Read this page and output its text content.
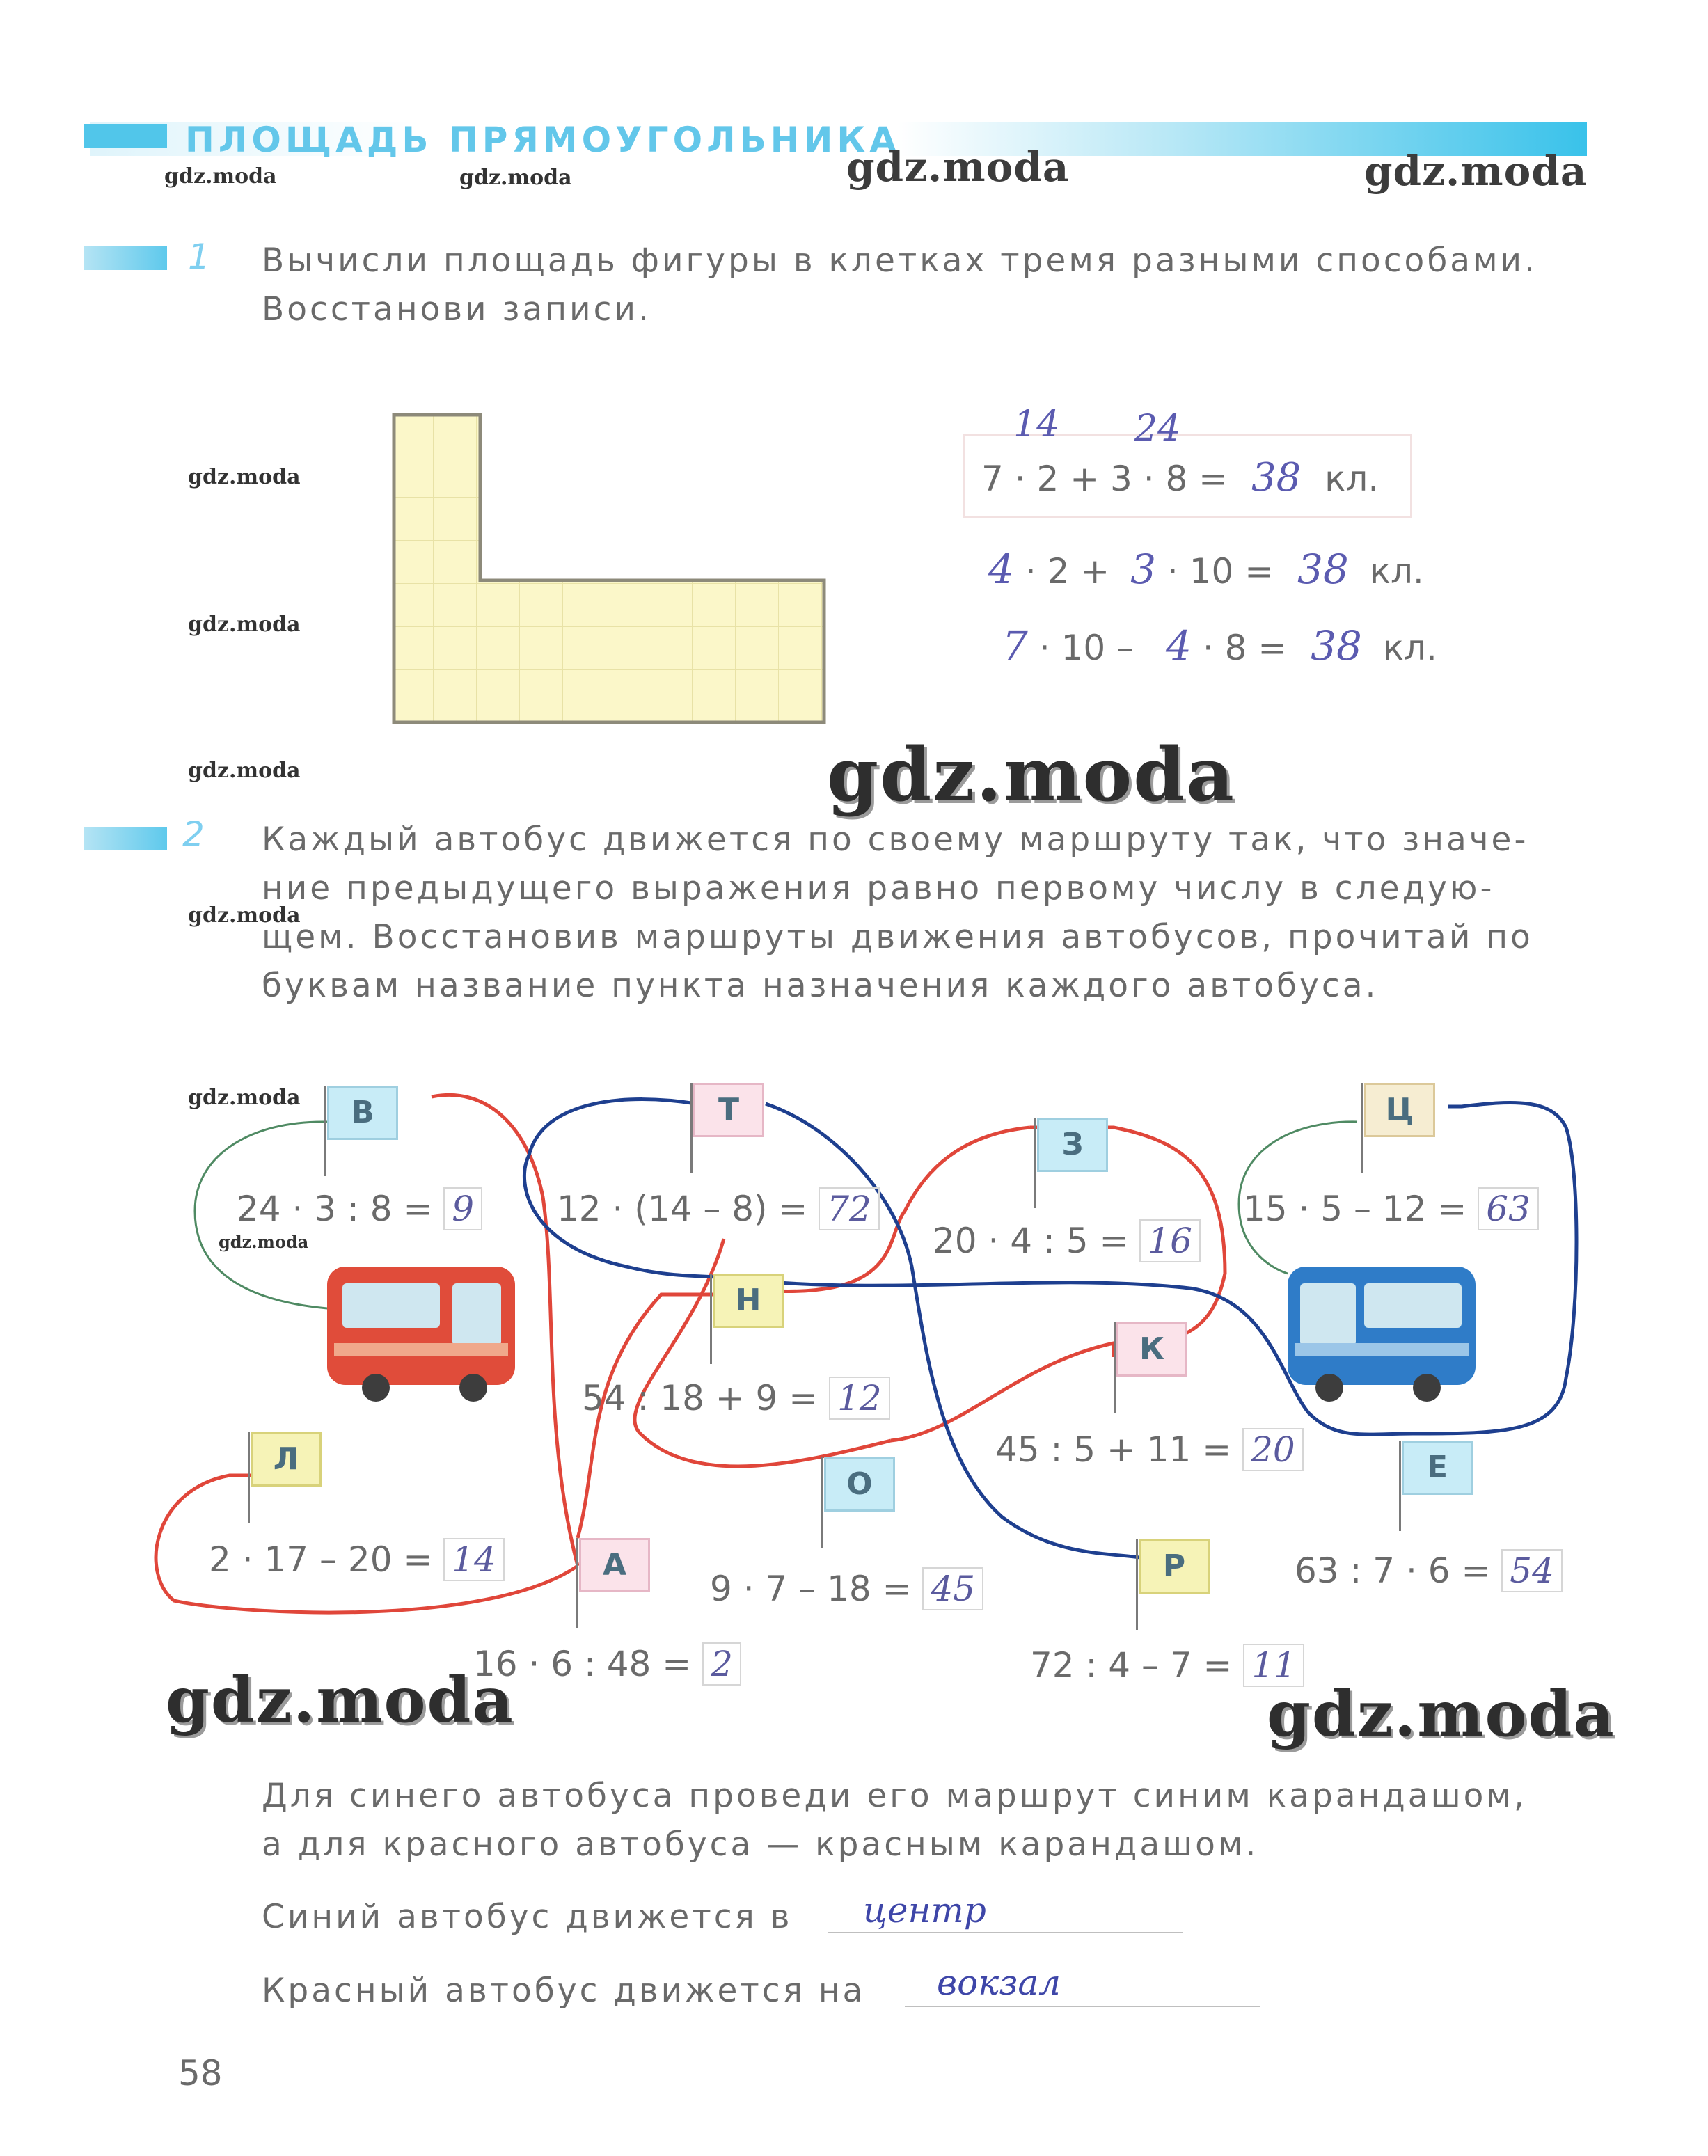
ПЛОЩАДЬ ПРЯМОУГОЛЬНИКА
gdz.moda	gdz.moda	gdz.moda	gdz.moda
gdz.moda
gdz.moda
gdz.moda
gdz.moda
gdz.moda
gdz.moda
gdz.moda
gdz.moda	gdz.moda
1 Вычисли площадь фигуры в клетках тремя разными способами.
Восстанови записи.
14 24
7 · 2 + 3 · 8 = 38 кл.
4 · 2 + 3 · 10 = 38 кл.
7 · 10 – 4 · 8 = 38 кл.
2 Каждый автобус движется по своему маршруту так, что значе-
ние предыдущего выражения равно первому числу в следую-
щем. Восстановив маршруты движения автобусов, прочитай по
буквам название пункта назначения каждого автобуса.
В
24 · 3 : 8 = 9
Т
12 · (14 – 8) = 72
З
20 · 4 : 5 = 16
Ц
15 · 5 – 12 = 63
Н
54 : 18 + 9 = 12
К
45 : 5 + 11 = 20
Л
2 · 17 – 20 = 14
О
9 · 7 – 18 = 45
Е
63 : 7 · 6 = 54
А
16 · 6 : 48 = 2
Р
72 : 4 – 7 = 11
Для синего автобуса проведи его маршрут синим карандашом,
а для красного автобуса — красным карандашом.
Синий автобус движется в центр
Красный автобус движется на вокзал
58
